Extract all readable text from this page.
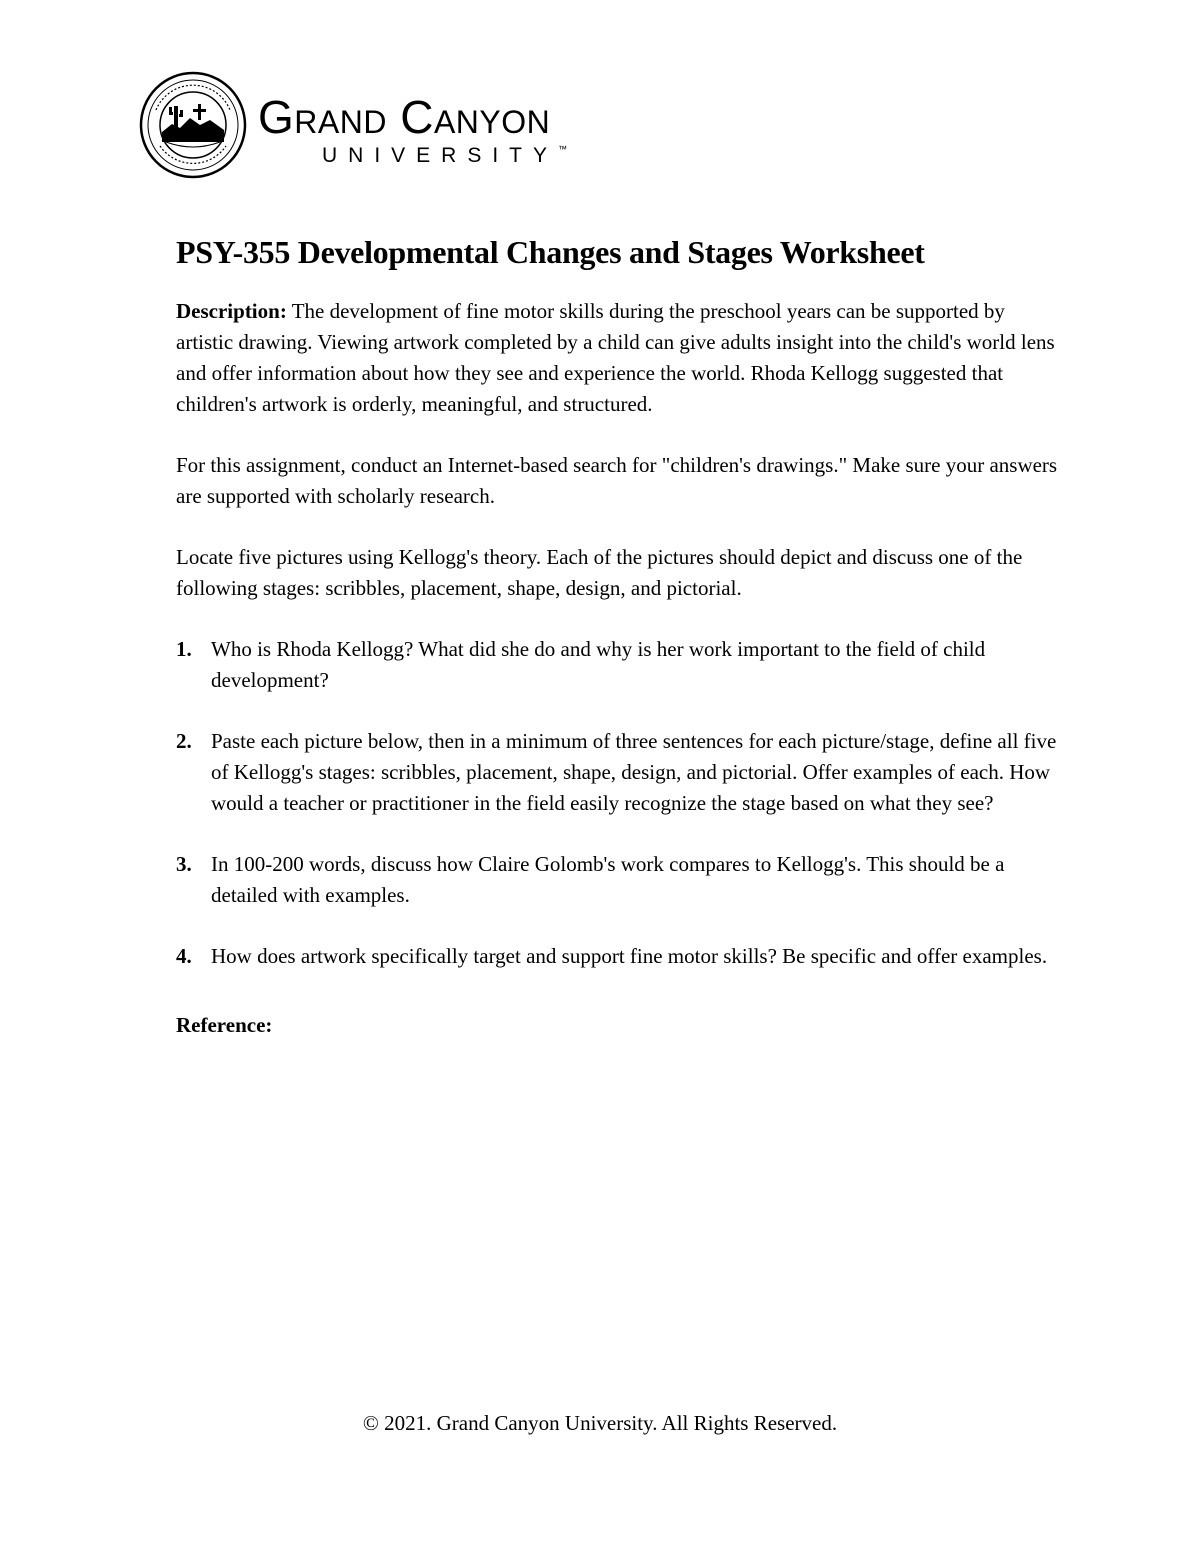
Grand Canyon
UNIVERSITY™
PSY-355 Developmental Changes and Stages Worksheet

Description: The development of fine motor skills during the preschool years can be supported by artistic drawing. Viewing artwork completed by a child can give adults insight into the child's world lens and offer information about how they see and experience the world. Rhoda Kellogg suggested that children's artwork is orderly, meaningful, and structured.

For this assignment, conduct an Internet-based search for "children's drawings." Make sure your answers are supported with scholarly research.

Locate five pictures using Kellogg's theory. Each of the pictures should depict and discuss one of the following stages: scribbles, placement, shape, design, and pictorial.

1. Who is Rhoda Kellogg? What did she do and why is her work important to the field of child development?
2. Paste each picture below, then in a minimum of three sentences for each picture/stage, define all five of Kellogg's stages: scribbles, placement, shape, design, and pictorial. Offer examples of each. How would a teacher or practitioner in the field easily recognize the stage based on what they see?
3. In 100-200 words, discuss how Claire Golomb's work compares to Kellogg's. This should be a detailed with examples.
4. How does artwork specifically target and support fine motor skills? Be specific and offer examples.
Reference:
© 2021. Grand Canyon University. All Rights Reserved.
